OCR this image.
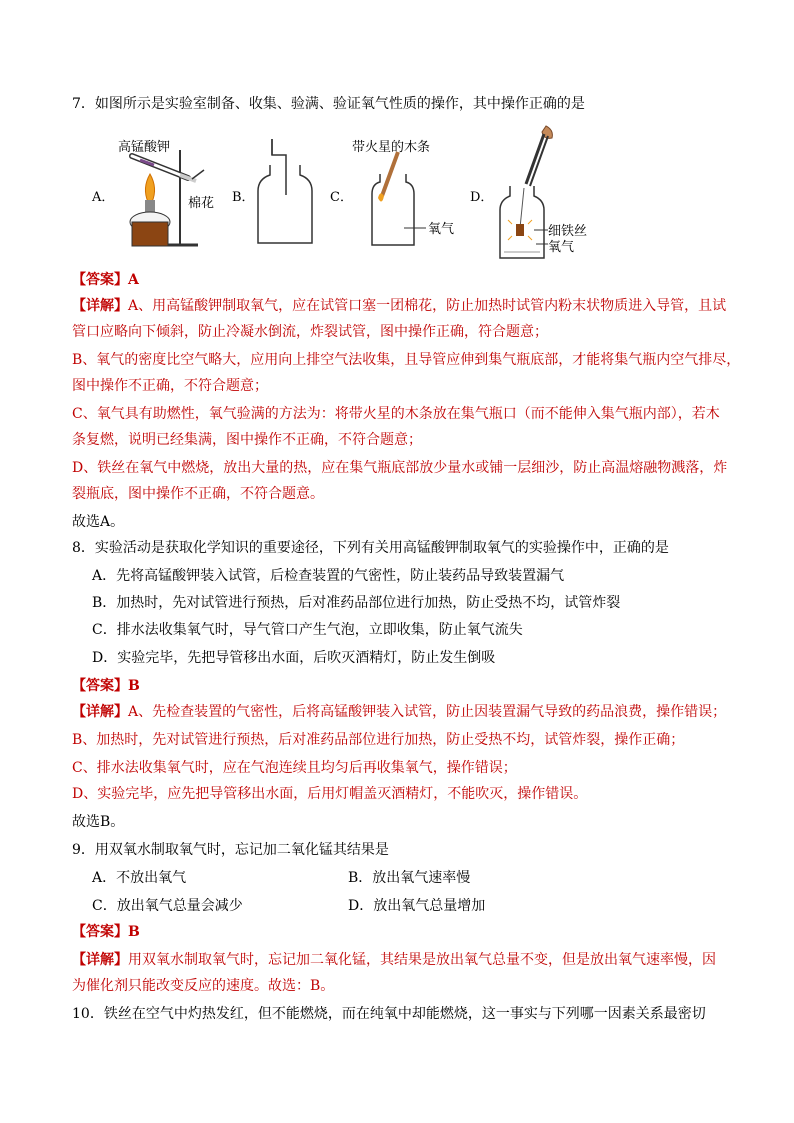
7．如图所示是实验室制备、收集、验满、验证氧气性质的操作，其中操作正确的是
A．
高锰酸钾
棉花 B．	C．
带火星的木条
氧气
D．
细铁丝
氧气
【答案】A
【详解】A、用高锰酸钾制取氧气，应在试管口塞一团棉花，防止加热时试管内粉末状物质进入导管，且试
管口应略向下倾斜，防止冷凝水倒流，炸裂试管，图中操作正确，符合题意；
B、氧气的密度比空气略大，应用向上排空气法收集，且导管应伸到集气瓶底部，才能将集气瓶内空气排尽，
图中操作不正确，不符合题意；
C、氧气具有助燃性，氧气验满的方法为：将带火星的木条放在集气瓶口（而不能伸入集气瓶内部），若木
条复燃，说明已经集满，图中操作不正确，不符合题意；
D、铁丝在氧气中燃烧，放出大量的热，应在集气瓶底部放少量水或铺一层细沙，防止高温熔融物溅落，炸
裂瓶底，图中操作不正确，不符合题意。
故选A。
8．实验活动是获取化学知识的重要途径，下列有关用高锰酸钾制取氧气的实验操作中，正确的是
A．先将高锰酸钾装入试管，后检查装置的气密性，防止装药品导致装置漏气
B．加热时，先对试管进行预热，后对准药品部位进行加热，防止受热不均，试管炸裂
C．排水法收集氧气时，导气管口产生气泡，立即收集，防止氧气流失
D．实验完毕，先把导管移出水面，后吹灭酒精灯，防止发生倒吸
【答案】B
【详解】A、先检查装置的气密性，后将高锰酸钾装入试管，防止因装置漏气导致的药品浪费，操作错误；
B、加热时，先对试管进行预热，后对准药品部位进行加热，防止受热不均，试管炸裂，操作正确；
C、排水法收集氧气时，应在气泡连续且均匀后再收集氧气，操作错误；
D、实验完毕，应先把导管移出水面，后用灯帽盖灭酒精灯，不能吹灭，操作错误。
故选B。
9．用双氧水制取氧气时，忘记加二氧化锰其结果是
A．不放出氧气	B．放出氧气速率慢
C．放出氧气总量会减少	D．放出氧气总量增加
【答案】B
【详解】用双氧水制取氧气时，忘记加二氧化锰，其结果是放出氧气总量不变，但是放出氧气速率慢，因
为催化剂只能改变反应的速度。故选：B。
10．铁丝在空气中灼热发红，但不能燃烧，而在纯氧中却能燃烧，这一事实与下列哪一因素关系最密切
